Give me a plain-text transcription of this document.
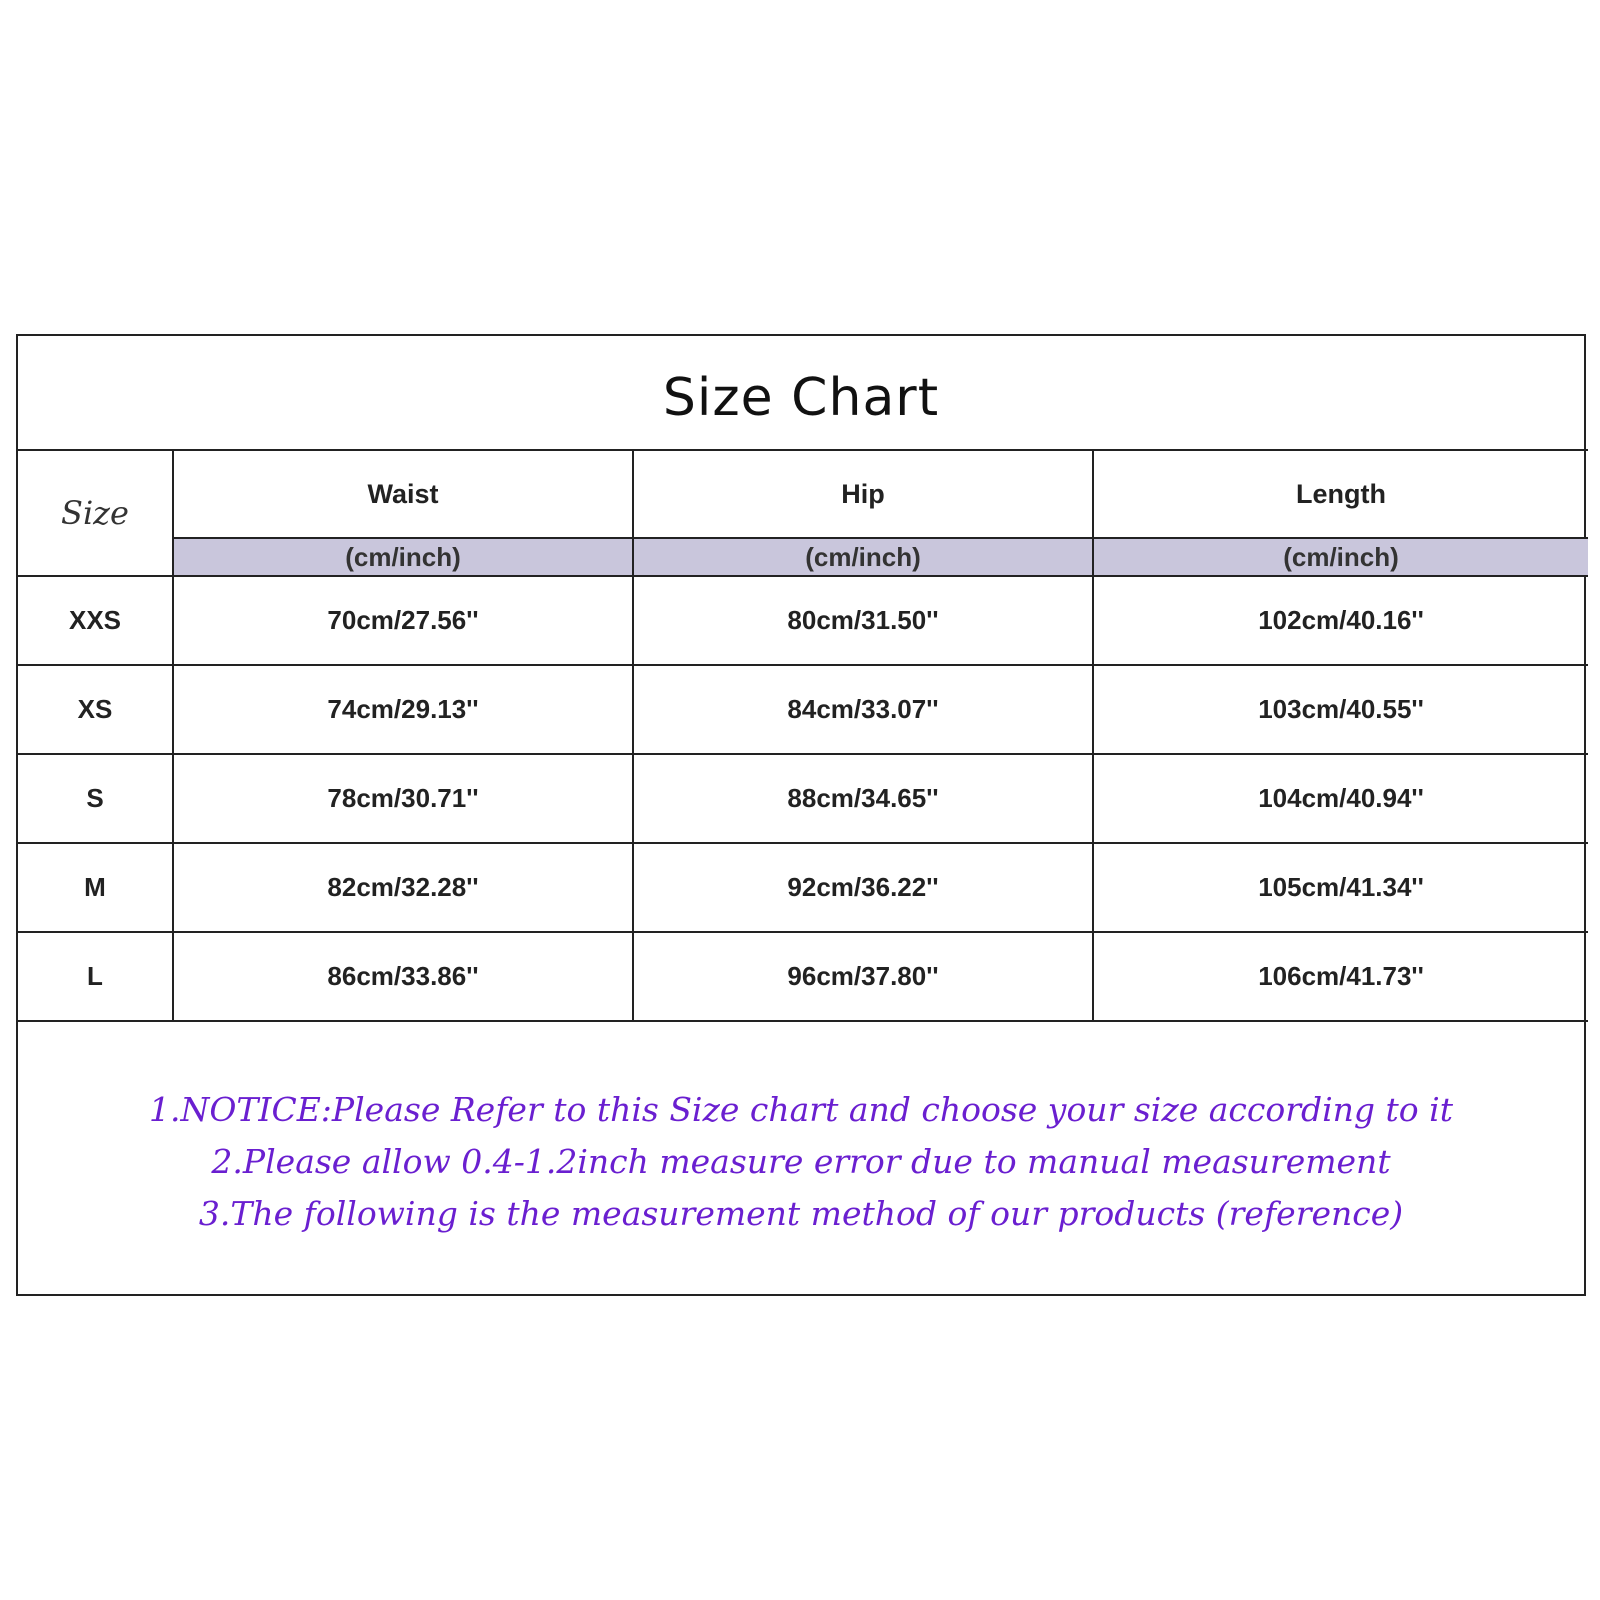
Size Chart
Size	Waist	Hip	Length
	(cm/inch)	(cm/inch)	(cm/inch)
XXS	70cm/27.56''	80cm/31.50''	102cm/40.16''
XS	74cm/29.13''	84cm/33.07''	103cm/40.55''
S	78cm/30.71''	88cm/34.65''	104cm/40.94''
M	82cm/32.28''	92cm/36.22''	105cm/41.34''
L	86cm/33.86''	96cm/37.80''	106cm/41.73''
1.NOTICE:Please Refer to this Size chart and choose your size according to it
2.Please allow 0.4-1.2inch measure error due to manual measurement
3.The following is the measurement method of our products (reference)
